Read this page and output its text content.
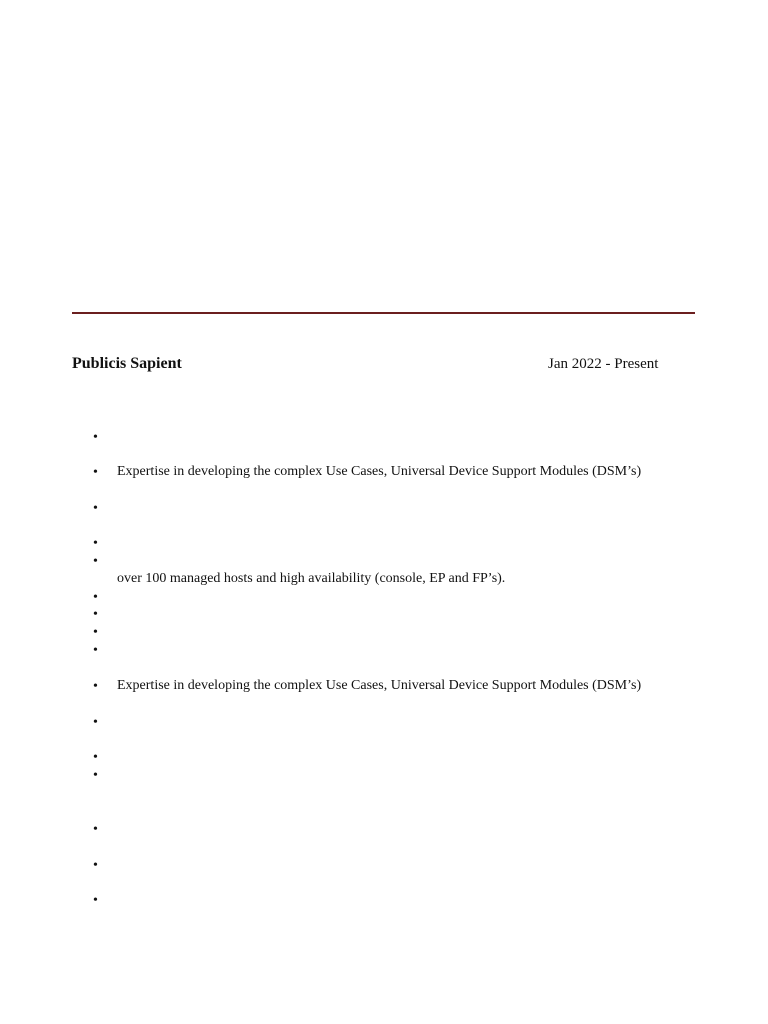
Publicis Sapient	Jan 2022 - Present
•
•
•
•
•
•
•
•
•
•
•
•
•
•
•
•
Expertise in developing the complex Use Cases, Universal Device Support Modules (DSM’s)
over 100 managed hosts and high availability (console, EP and FP’s).
Expertise in developing the complex Use Cases, Universal Device Support Modules (DSM’s)
